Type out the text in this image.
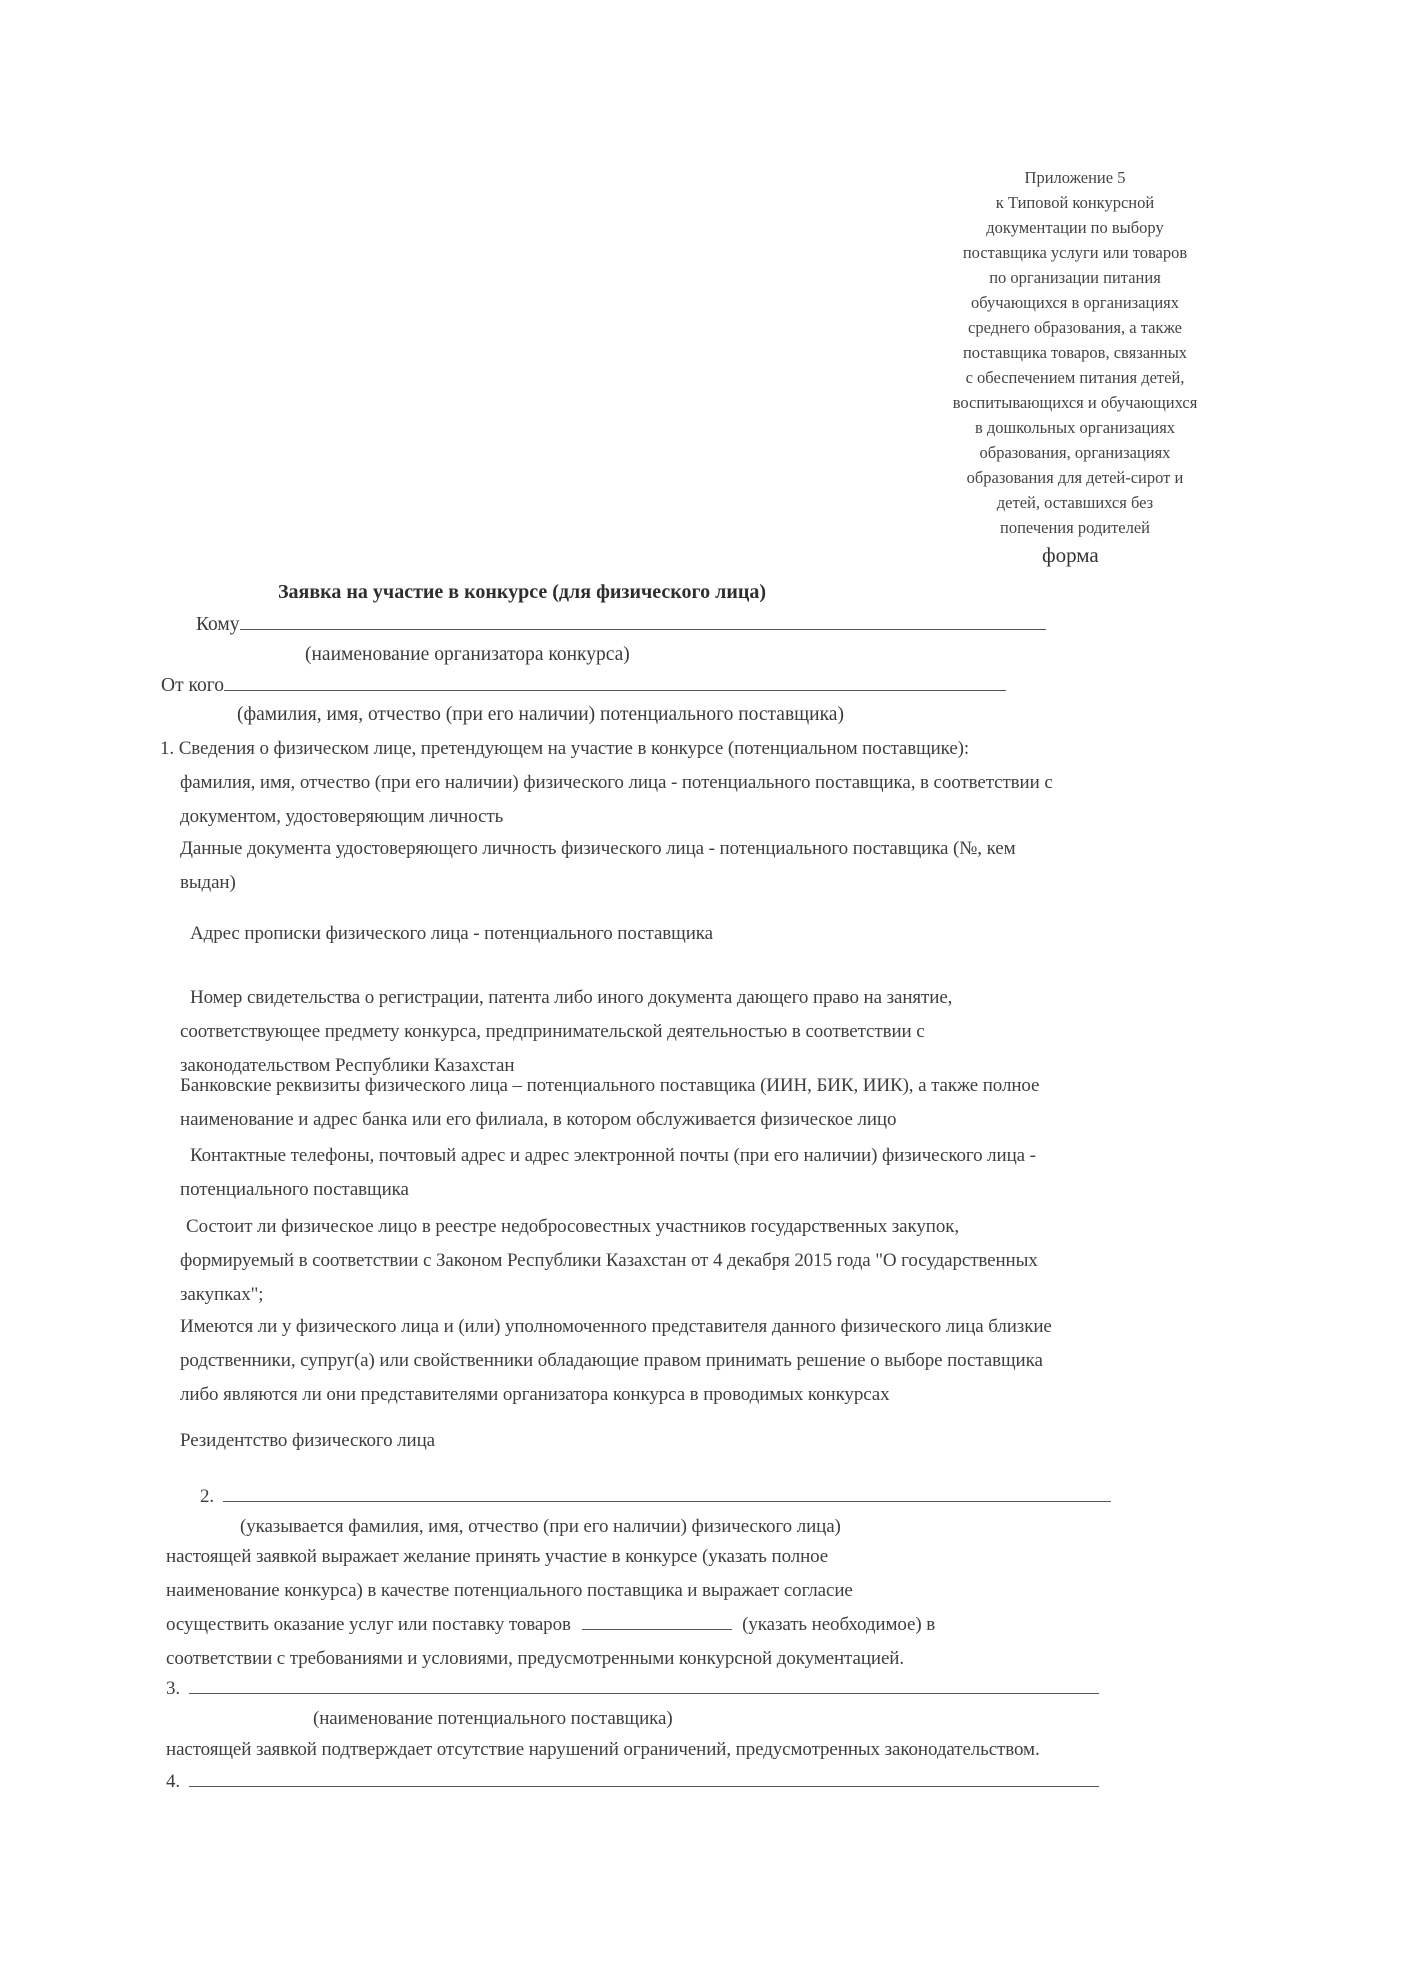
Приложение 5
к Типовой конкурсной
документации по выбору
поставщика услуги или товаров
по организации питания
обучающихся в организациях
среднего образования, а также
поставщика товаров, связанных
с обеспечением питания детей,
воспитывающихся и обучающихся
в дошкольных организациях
образования, организациях
образования для детей-сирот и
детей, оставшихся без
попечения родителей
форма
Заявка на участие в конкурсе (для физического лица)
Кому
(наименование организатора конкурса)
От кого
(фамилия, имя, отчество (при его наличии) потенциального поставщика)
1. Сведения о физическом лице, претендующем на участие в конкурсе (потенциальном поставщике):
фамилия, имя, отчество (при его наличии) физического лица - потенциального поставщика, в соответствии с
документом, удостоверяющим личность
Данные документа удостоверяющего личность физического лица - потенциального поставщика (№, кем
выдан)
Адрес прописки физического лица - потенциального поставщика
Номер свидетельства о регистрации, патента либо иного документа дающего право на занятие,
соответствующее предмету конкурса, предпринимательской деятельностью в соответствии с
законодательством Республики Казахстан
Банковские реквизиты физического лица – потенциального поставщика (ИИН, БИК, ИИК), а также полное
наименование и адрес банка или его филиала, в котором обслуживается физическое лицо
Контактные телефоны, почтовый адрес и адрес электронной почты (при его наличии) физического лица -
потенциального поставщика
Состоит ли физическое лицо в реестре недобросовестных участников государственных закупок,
формируемый в соответствии с Законом Республики Казахстан от 4 декабря 2015 года "О государственных
закупках";
Имеются ли у физического лица и (или) уполномоченного представителя данного физического лица близкие
родственники, супруг(а) или свойственники обладающие правом принимать решение о выборе поставщика
либо являются ли они представителями организатора конкурса в проводимых конкурсах
Резидентство физического лица
2.
(указывается фамилия, имя, отчество (при его наличии) физического лица)
настоящей заявкой выражает желание принять участие в конкурсе (указать полное
наименование конкурса) в качестве потенциального поставщика и выражает согласие
осуществить оказание услуг или поставку товаров	(указать необходимое) в
соответствии с требованиями и условиями, предусмотренными конкурсной документацией.
3.
(наименование потенциального поставщика)
настоящей заявкой подтверждает отсутствие нарушений ограничений, предусмотренных законодательством.
4.
